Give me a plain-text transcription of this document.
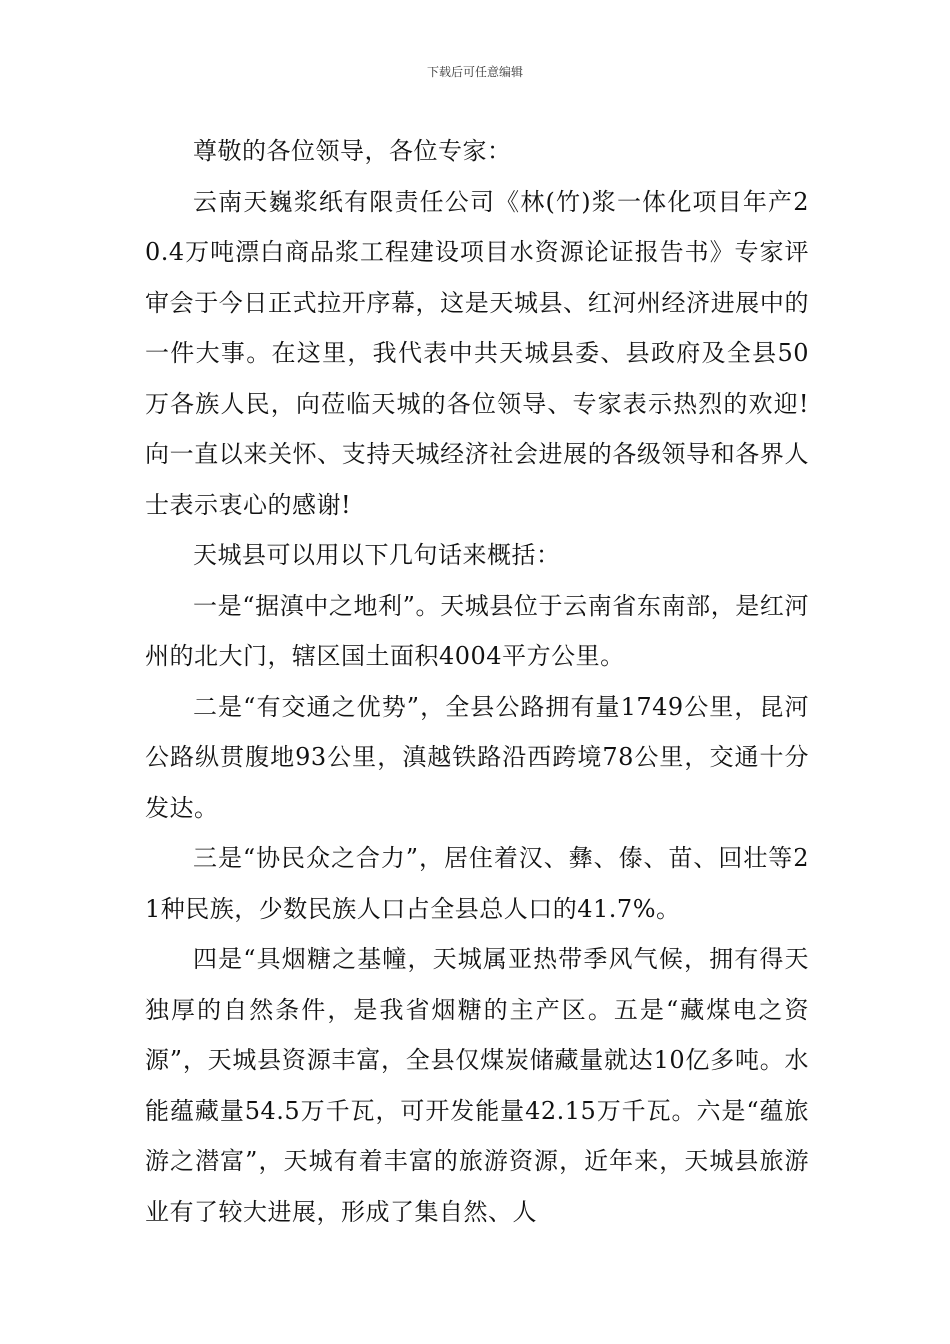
下载后可任意编辑

尊敬的各位领导，各位专家：

云南天巍浆纸有限责任公司《林(竹)浆一体化项目年产20.4万吨漂白商品浆工程建设项目水资源论证报告书》专家评审会于今日正式拉开序幕，这是天城县、红河州经济进展中的一件大事。在这里，我代表中共天城县委、县政府及全县50万各族人民，向莅临天城的各位领导、专家表示热烈的欢迎!向一直以来关怀、支持天城经济社会进展的各级领导和各界人士表示衷心的感谢!

天城县可以用以下几句话来概括：

一是“据滇中之地利”。天城县位于云南省东南部，是红河州的北大门，辖区国土面积4004平方公里。

二是“有交通之优势”，全县公路拥有量1749公里，昆河公路纵贯腹地93公里，滇越铁路沿西跨境78公里，交通十分发达。

三是“协民众之合力”，居住着汉、彝、傣、苗、回壮等21种民族，少数民族人口占全县总人口的41.7%。

四是“具烟糖之基幢，天城属亚热带季风气候，拥有得天独厚的自然条件，是我省烟糖的主产区。五是“藏煤电之资源”，天城县资源丰富，全县仅煤炭储藏量就达10亿多吨。水能蕴藏量54.5万千瓦，可开发能量42.15万千瓦。六是“蕴旅游之潜富”，天城有着丰富的旅游资源，近年来，天城县旅游业有了较大进展，形成了集自然、人
